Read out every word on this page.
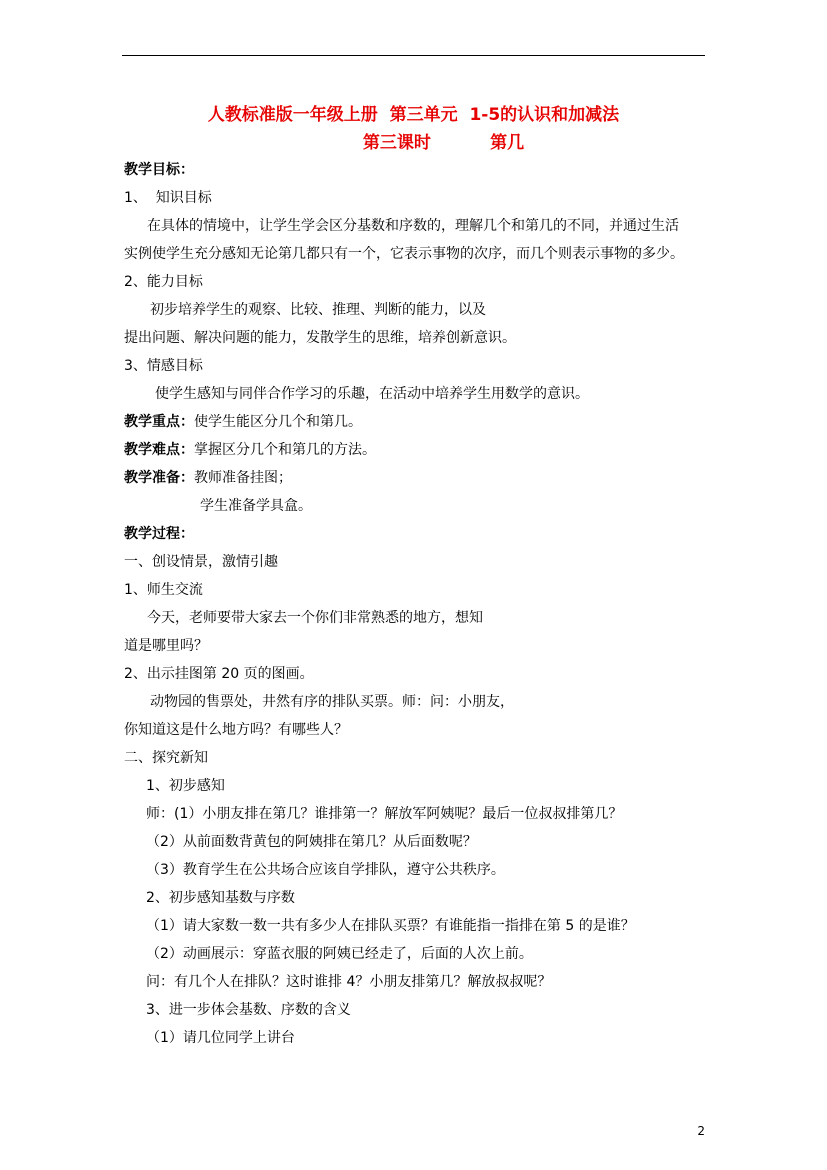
人教标准版一年级上册  第三单元  1-5的认识和加减法
第三课时          第几
教学目标：
1、  知识目标
在具体的情境中，让学生学会区分基数和序数的，理解几个和第几的不同，并通过生活
实例使学生充分感知无论第几都只有一个，它表示事物的次序，而几个则表示事物的多少。
2、能力目标
初步培养学生的观察、比较、推理、判断的能力，以及
提出问题、解决问题的能力，发散学生的思维，培养创新意识。
3、情感目标
使学生感知与同伴合作学习的乐趣，在活动中培养学生用数学的意识。
教学重点：使学生能区分几个和第几。
教学难点：掌握区分几个和第几的方法。
教学准备：教师准备挂图；
学生准备学具盒。
教学过程：
一、创设情景，激情引趣
1、师生交流
今天，老师要带大家去一个你们非常熟悉的地方，想知
道是哪里吗？
2、出示挂图第 20 页的图画。
动物园的售票处，井然有序的排队买票。师：问：小朋友，
你知道这是什么地方吗？有哪些人？
二、探究新知
1、初步感知
师：(1）小朋友排在第几？谁排第一？解放军阿姨呢？最后一位叔叔排第几？
（2）从前面数背黄包的阿姨排在第几？从后面数呢？
（3）教育学生在公共场合应该自学排队，遵守公共秩序。
2、初步感知基数与序数
（1）请大家数一数一共有多少人在排队买票？有谁能指一指排在第 5 的是谁？
（2）动画展示：穿蓝衣服的阿姨已经走了，后面的人次上前。
问：有几个人在排队？这时谁排 4？小朋友排第几？解放叔叔呢？
3、进一步体会基数、序数的含义
（1）请几位同学上讲台
2
